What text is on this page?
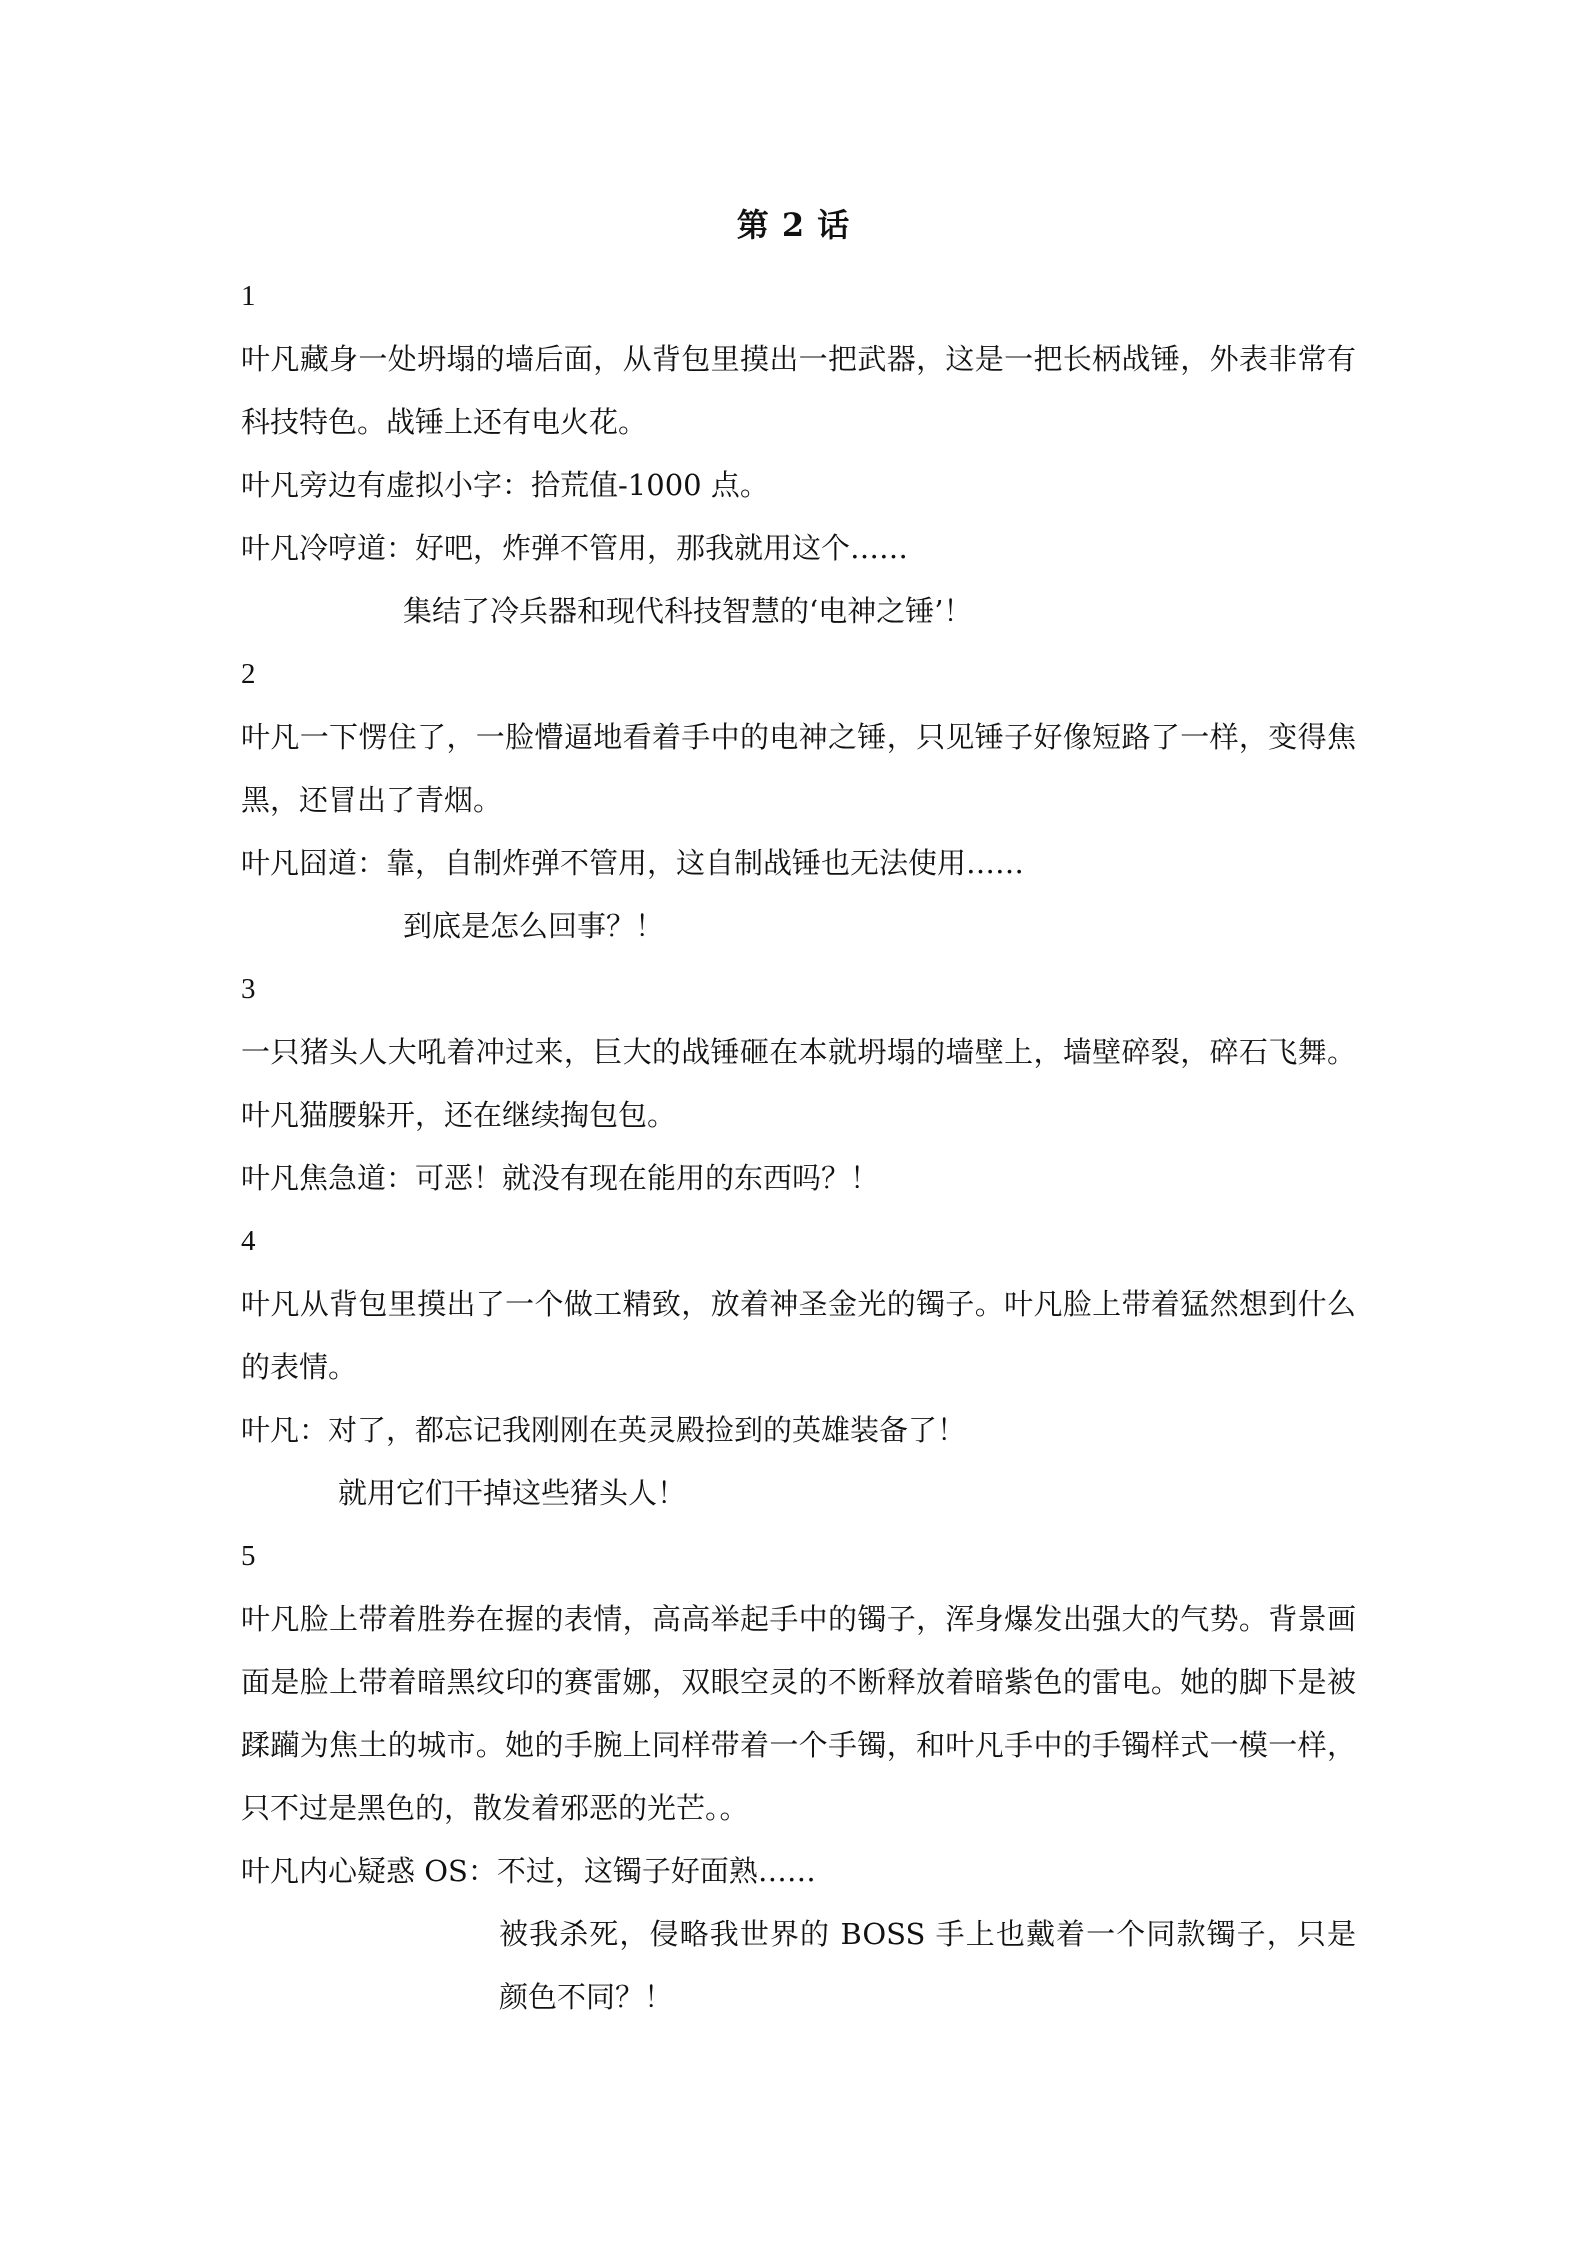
第 2 话

1

叶凡藏身一处坍塌的墙后面，从背包里摸出一把武器，这是一把长柄战锤，外表非常有科技特色。战锤上还有电火花。

叶凡旁边有虚拟小字：拾荒值-1000 点。

叶凡冷哼道：好吧，炸弹不管用，那我就用这个……

集结了冷兵器和现代科技智慧的‘电神之锤’！

2

叶凡一下愣住了，一脸懵逼地看着手中的电神之锤，只见锤子好像短路了一样，变得焦黑，还冒出了青烟。

叶凡囧道：靠，自制炸弹不管用，这自制战锤也无法使用……

到底是怎么回事？！

3

一只猪头人大吼着冲过来，巨大的战锤砸在本就坍塌的墙壁上，墙壁碎裂，碎石飞舞。叶凡猫腰躲开，还在继续掏包包。

叶凡焦急道：可恶！就没有现在能用的东西吗？！

4

叶凡从背包里摸出了一个做工精致，放着神圣金光的镯子。叶凡脸上带着猛然想到什么的表情。

叶凡：对了，都忘记我刚刚在英灵殿捡到的英雄装备了！

就用它们干掉这些猪头人！

5

叶凡脸上带着胜券在握的表情，高高举起手中的镯子，浑身爆发出强大的气势。背景画面是脸上带着暗黑纹印的赛雷娜，双眼空灵的不断释放着暗紫色的雷电。她的脚下是被蹂躏为焦土的城市。她的手腕上同样带着一个手镯，和叶凡手中的手镯样式一模一样，只不过是黑色的，散发着邪恶的光芒。。

叶凡内心疑惑 OS：不过，这镯子好面熟……

被我杀死，侵略我世界的 BOSS 手上也戴着一个同款镯子，只是颜色不同？！
